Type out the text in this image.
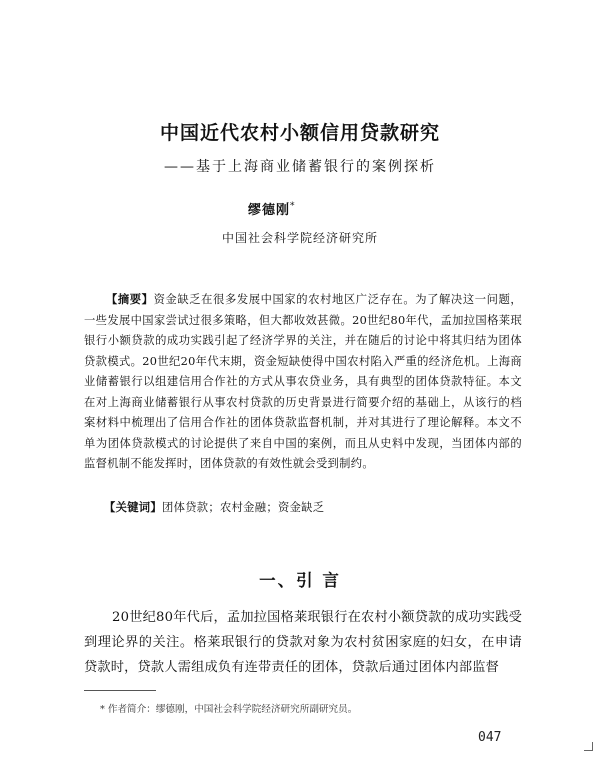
中国近代农村小额信用贷款研究
——基于上海商业储蓄银行的案例探析
缪德刚*
中国社会科学院经济研究所
【摘要】资金缺乏在很多发展中国家的农村地区广泛存在。为了解决这一问题，一些发展中国家尝试过很多策略，但大都收效甚微。20世纪80年代，孟加拉国格莱珉银行小额贷款的成功实践引起了经济学界的关注，并在随后的讨论中将其归结为团体贷款模式。20世纪20年代末期，资金短缺使得中国农村陷入严重的经济危机。上海商业储蓄银行以组建信用合作社的方式从事农贷业务，具有典型的团体贷款特征。本文在对上海商业储蓄银行从事农村贷款的历史背景进行简要介绍的基础上，从该行的档案材料中梳理出了信用合作社的团体贷款监督机制，并对其进行了理论解释。本文不单为团体贷款模式的讨论提供了来自中国的案例，而且从史料中发现，当团体内部的监督机制不能发挥时，团体贷款的有效性就会受到制约。
【关键词】团体贷款；农村金融；资金缺乏
一、引 言
20世纪80年代后，孟加拉国格莱珉银行在农村小额贷款的成功实践受到理论界的关注。格莱珉银行的贷款对象为农村贫困家庭的妇女，在申请贷款时，贷款人需组成负有连带责任的团体，贷款后通过团体内部监督
* 作者简介：缪德刚，中国社会科学院经济研究所副研究员。
047
